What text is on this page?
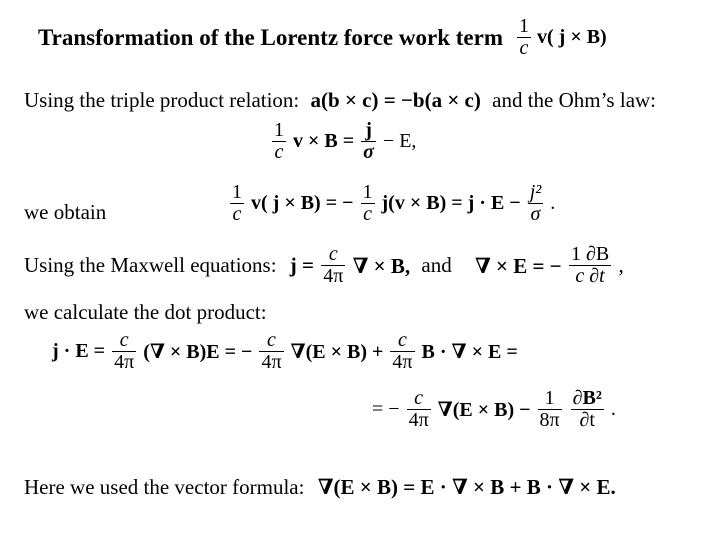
Transformation of the Lorentz force work term $\frac{1}{c} v$( j × B)
Using the triple product relation: a(b × c) = −b(a × c) and the Ohm’s law:
$\frac{1}{c}$ $v \times B = \frac{j}{\sigma} - E$,
we obtain	$\frac{1}{c} v$( j × B) = − $\frac{1}{c} j(v \times B) = j \cdot E - \frac{\text{j²}}{\sigma}$ .
Using the Maxwell equations: $j = \frac{c}{4\pi}$ ∇ × B, and ∇ × E = − $\frac{1 \partial B}{c \partial t}$ ,
we calculate the dot product:
$j \cdot E = \frac{c}{4\pi}$ (∇ × B)E = − $\frac{c}{4\pi} \nabla(E \times B) + \frac{c}{4\pi}$ B · ∇ × E =
= − $\frac{c}{4\pi} \nabla(E \times B) - \frac{1}{8\pi}$
$\frac{\text{∂B²}}{\partial t}$ .
Here we used the vector formula: ∇(E × B) = E · ∇ × B + B · ∇ × E.
